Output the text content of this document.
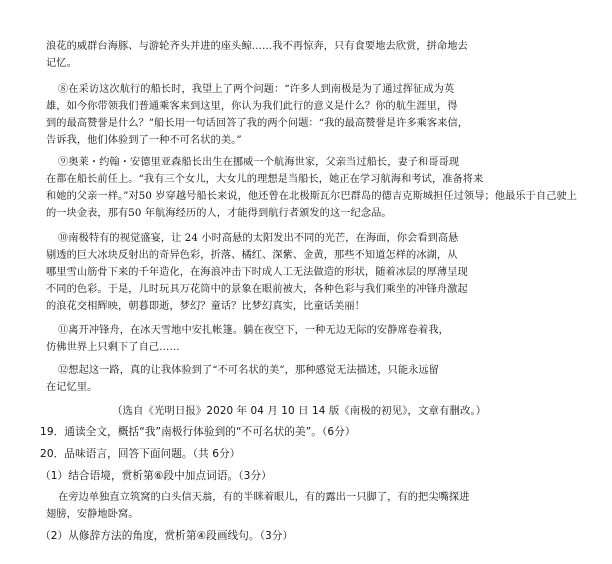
浪花的威群台海豚、与游轮齐头并进的座头鲸……我不再惊奔，只有食要地去欣赏，拼命地去
记忆。
⑧在采访这次航行的船长时，我望上了两个问题：“许多人到南极是为了通过挥征成为英
雄，如今你带领我们普通乘客来到这里，你认为我们此行的意义是什么？你的航生涯里，得
到的最高赞誉是什么？”船长用一句话回答了我的两个问题：“我的最高赞誉是许多乘客来信，
告诉我，他们体验到了一种不可名状的美。”
⑨奥莱・约翰・安德里亚森船长出生在挪威一个航海世家，父亲当过船长，妻子和哥哥现
在都在船长前任上。“我有三个女儿，大女儿的理想是当船长，她正在学习航海和考试，准备将来
和她的父亲一样。”对50 岁穿越号船长来说，他还曾在北极斯瓦尔巴群岛的德吉克斯城担任过领导；他最乐于自己驶上
的一块金表，那有50 年航海经历的人，才能得到航行者颁发的这一纪念品。
⑩南极特有的视觉盛宴，让 24 小时高悬的太阳发出不同的光芒，在海面，你会看到高悬
剔透的巨大冰块反射出的奇异色彩，折落、橘红、深紫、金黄，那些不知道怎样的冰湖，从
哪里雪山筋骨下来的千年造化，在海浪冲击下时成人工无法做造的形状，随着冰层的厚薄呈现
不同的色彩。于是，儿时玩具万花筒中的景象在眼前被大，各种色彩与我们乘坐的冲锋舟激起
的浪花交相辉映，朝暮即逝，梦幻？童话？比梦幻真实，比童话美丽！
⑪离开冲锋舟，在冰天雪地中安扎帐篷。躺在夜空下，一种无边无际的安静席卷着我，
仿佛世界上只剩下了自己……
⑫想起这一路，真的让我体验到了“不可名状的美”，那种感觉无法描述，只能永远留
在记忆里。
（选自《光明日报》2020 年 04 月 10 日 14 版《南极的初见》，文章有删改。）
19．通读全文，概括“我”南极行体验到的“不可名状的美”。（6分）
20．品味语言，回答下面问题。（共 6分）
（1）结合语境，赏析第⑥段中加点词语。（3分）
在旁边单独直立筑窝的白头信天翁，有的半眯着眼儿，有的露出一只脚了，有的把尖嘴探进
翅膀，安静地卧窝。
（2）从修辞方法的角度，赏析第④段画线句。（3分）
